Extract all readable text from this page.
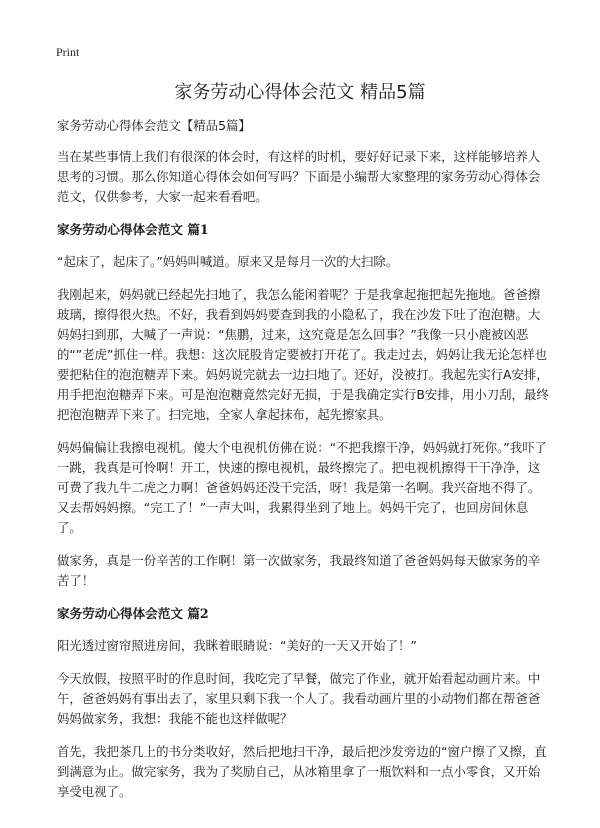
Print
家务劳动心得体会范文 精品5篇

家务劳动心得体会范文【精品5篇】

当在某些事情上我们有很深的体会时，有这样的时机，要好好记录下来，这样能够培养人思考的习惯。那么你知道心得体会如何写吗？下面是小编帮大家整理的家务劳动心得体会范文，仅供参考，大家一起来看看吧。

家务劳动心得体会范文 篇1

“起床了，起床了。”妈妈叫喊道。原来又是每月一次的大扫除。

我刚起来，妈妈就已经起先扫地了，我怎么能闲着呢？于是我拿起拖把起先拖地。爸爸擦玻璃，擦得很火热。不好，我看到妈妈要查到我的小隐私了，我在沙发下吐了泡泡糖。大妈妈扫到那，大喊了一声说：“焦鹏，过来，这究竟是怎么回事？”我像一只小鹿被凶恶的“”老虎”抓住一样。我想：这次屁股肯定要被打开花了。我走过去，妈妈让我无论怎样也要把粘住的泡泡糖弄下来。妈妈说完就去一边扫地了。还好，没被打。我起先实行A安排，用手把泡泡糖弄下来。可是泡泡糖竟然完好无损，于是我确定实行B安排，用小刀刮，最终把泡泡糖弄下来了。扫完地，全家人拿起抹布，起先擦家具。

妈妈偏偏让我擦电视机。傻大个电视机仿佛在说：“不把我擦干净，妈妈就打死你。”我吓了一跳，我真是可怜啊！开工，快速的擦电视机，最终擦完了。把电视机擦得干干净净，这可费了我九牛二虎之力啊！爸爸妈妈还没干完活，呀！我是第一名啊。我兴奋地不得了。又去帮妈妈擦。“完工了！”一声大叫，我累得坐到了地上。妈妈干完了，也回房间休息了。

做家务，真是一份辛苦的工作啊！第一次做家务，我最终知道了爸爸妈妈每天做家务的辛苦了！

家务劳动心得体会范文 篇2

阳光透过窗帘照进房间，我眯着眼睛说：“美好的一天又开始了！”

今天放假，按照平时的作息时间，我吃完了早餐，做完了作业，就开始看起动画片来。中午，爸爸妈妈有事出去了，家里只剩下我一个人了。我看动画片里的小动物们都在帮爸爸妈妈做家务，我想：我能不能也这样做呢？

首先，我把茶几上的书分类收好，然后把地扫干净，最后把沙发旁边的“窗户擦了又擦，直到满意为止。做完家务，我为了奖励自己，从冰箱里拿了一瓶饮料和一点小零食，又开始享受电视了。
